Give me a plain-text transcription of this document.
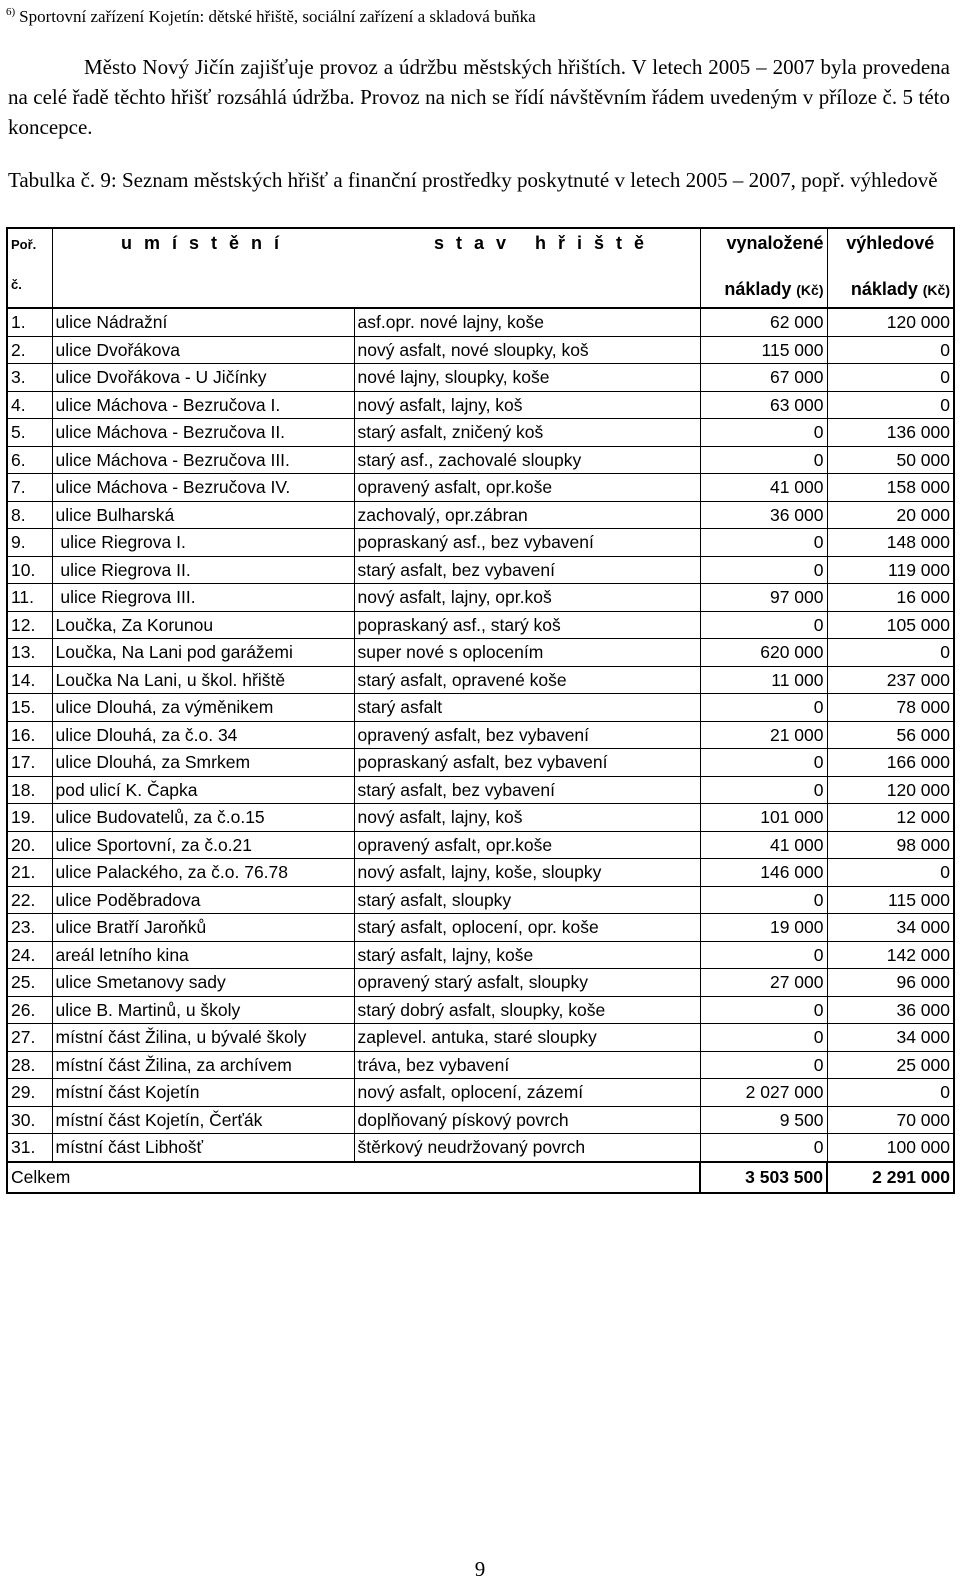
$^{6)}$ Sportovní zařízení Kojetín: dětské hřiště, sociální zařízení a skladová buňka

Město Nový Jičín zajišťuje provoz a údržbu městských hřištích. V letech 2005 – 2007 byla provedena na celé řadě těchto hřišť rozsáhlá údržba. Provoz na nich se řídí návštěvním řádem uvedeným v příloze č. 5 této koncepce.

Tabulka č. 9: Seznam městských hřišť a finanční prostředky poskytnuté v letech 2005 – 2007, popř. výhledově

Poř.	u m í s t ě n í	s t a v   h ř i š t ě	vynaložené	výhledové
č.			náklady (Kč)	náklady (Kč)
1.	ulice Nádražní	asf.opr. nové lajny, koše	62 000	120 000
2.	ulice Dvořákova	nový asfalt, nové sloupky, koš	115 000	0
3.	ulice Dvořákova - U Jičínky	nové lajny, sloupky, koše	67 000	0
4.	ulice Máchova - Bezručova I.	nový asfalt, lajny, koš	63 000	0
5.	ulice Máchova - Bezručova II.	starý asfalt, zničený koš	0	136 000
6.	ulice Máchova - Bezručova III.	starý asf., zachovalé sloupky	0	50 000
7.	ulice Máchova - Bezručova IV.	opravený asfalt, opr.koše	41 000	158 000
8.	ulice Bulharská	zachovalý, opr.zábran	36 000	20 000
9.	ulice Riegrova I.	popraskaný asf., bez vybavení	0	148 000
10.	ulice Riegrova II.	starý asfalt, bez vybavení	0	119 000
11.	ulice Riegrova III.	nový asfalt, lajny, opr.koš	97 000	16 000
12.	Loučka, Za Korunou	popraskaný asf., starý koš	0	105 000
13.	Loučka, Na Lani pod garážemi	super nové s oplocením	620 000	0
14.	Loučka Na Lani, u škol. hřiště	starý asfalt, opravené koše	11 000	237 000
15.	ulice Dlouhá, za výměnikem	starý asfalt	0	78 000
16.	ulice Dlouhá, za č.o. 34	opravený asfalt, bez vybavení	21 000	56 000
17.	ulice Dlouhá, za Smrkem	popraskaný asfalt, bez vybavení	0	166 000
18.	pod ulicí K. Čapka	starý asfalt, bez vybavení	0	120 000
19.	ulice Budovatelů, za č.o.15	nový asfalt, lajny, koš	101 000	12 000
20.	ulice Sportovní, za č.o.21	opravený asfalt, opr.koše	41 000	98 000
21.	ulice Palackého, za č.o. 76.78	nový asfalt, lajny, koše, sloupky	146 000	0
22.	ulice Poděbradova	starý asfalt, sloupky	0	115 000
23.	ulice Bratří Jaroňků	starý asfalt, oplocení, opr. koše	19 000	34 000
24.	areál letního kina	starý asfalt, lajny, koše	0	142 000
25.	ulice Smetanovy sady	opravený starý asfalt, sloupky	27 000	96 000
26.	ulice B. Martinů, u školy	starý dobrý asfalt, sloupky, koše	0	36 000
27.	místní část Žilina, u bývalé školy	zaplevel. antuka, staré sloupky	0	34 000
28.	místní část Žilina, za archívem	tráva, bez vybavení	0	25 000
29.	místní část Kojetín	nový asfalt, oplocení, zázemí	2 027 000	0
30.	místní část Kojetín, Čerťák	doplňovaný pískový povrch	9 500	70 000
31.	místní část Libhošť	štěrkový neudržovaný povrch	0	100 000
Celkem			3 503 500	2 291 000
9
